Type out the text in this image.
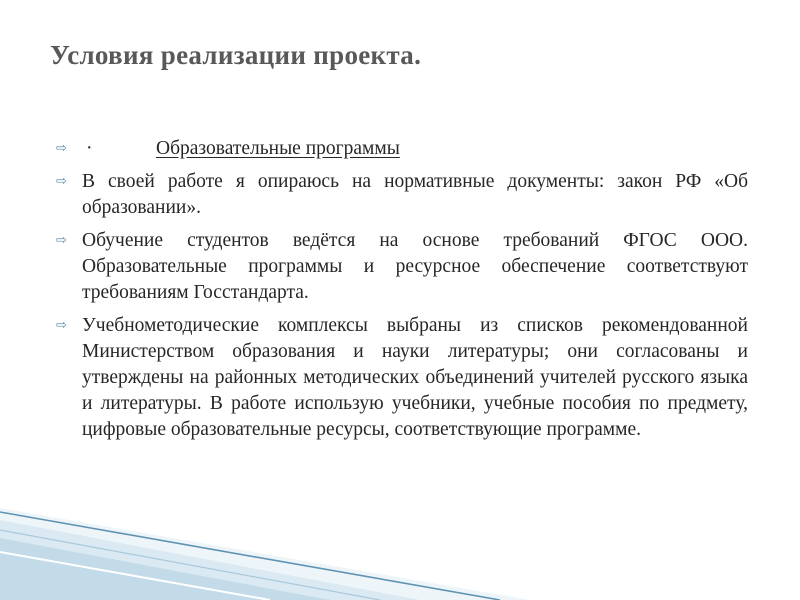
Условия реализации проекта.
⇨ ·	Образовательные программы
⇨ В своей работе я опираюсь на нормативные документы: закон РФ «Об образовании».
⇨ Обучение студентов ведётся на основе требований ФГОС ООО. Образовательные программы и ресурсное обеспечение соответствуют требованиям Госстандарта.
⇨ Учебнометодические комплексы выбраны из списков рекомендованной Министерством образования и науки литературы; они согласованы и утверждены на районных методических объединений учителей русского языка и литературы. В работе использую учебники, учебные пособия по предмету, цифровые образовательные ресурсы, соответствующие программе.
